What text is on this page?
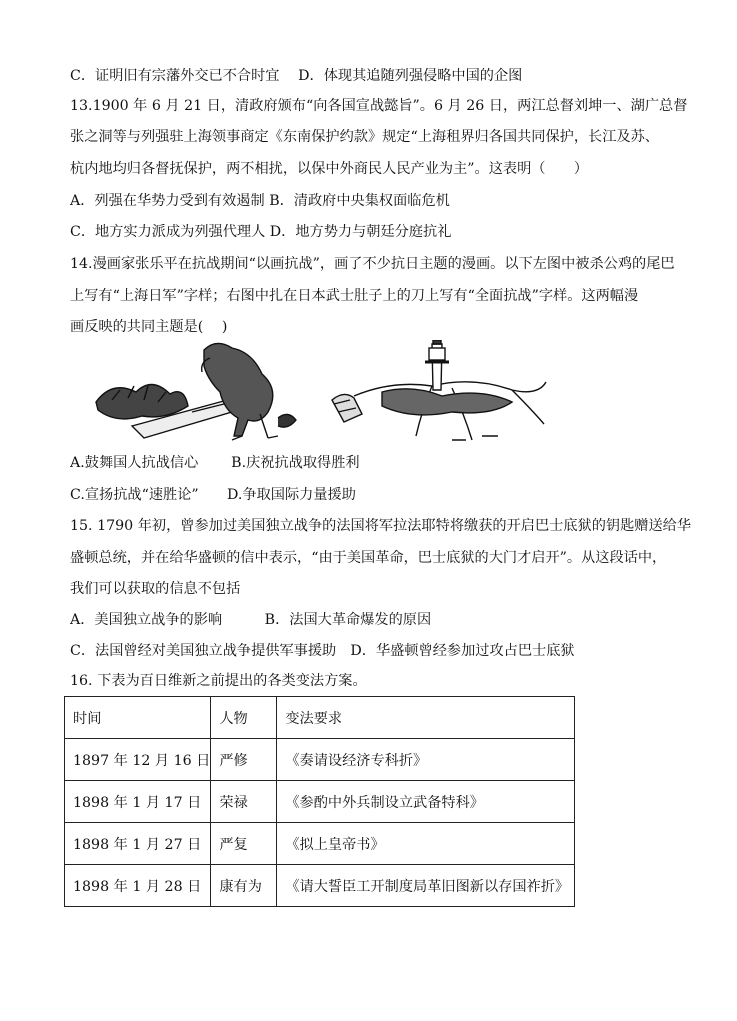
C．证明旧有宗藩外交已不合时宜　 D．体现其追随列强侵略中国的企图
13.1900 年 6 月 21 日，清政府颁布“向各国宣战懿旨”。6 月 26 日，两江总督刘坤一、湖广总督
张之洞等与列强驻上海领事商定《东南保护约款》规定“上海租界归各国共同保护，长江及苏、
杭内地均归各督抚保护，两不相扰，以保中外商民人民产业为主”。这表明（　　）
A．列强在华势力受到有效遏制 B．清政府中央集权面临危机
C．地方实力派成为列强代理人 D．地方势力与朝廷分庭抗礼
14.漫画家张乐平在抗战期间“以画抗战”，画了不少抗日主题的漫画。以下左图中被杀公鸡的尾巴
上写有“上海日军”字样；右图中扎在日本武士肚子上的刀上写有“全面抗战”字样。这两幅漫
画反映的共同主题是(　 )
A.鼓舞国人抗战信心　　 B.庆祝抗战取得胜利
C.宣扬抗战“速胜论”　　D.争取国际力量援助
15. 1790 年初，曾参加过美国独立战争的法国将军拉法耶特将缴获的开启巴士底狱的钥匙赠送给华
盛顿总统，并在给华盛顿的信中表示，“由于美国革命，巴士底狱的大门才启开”。从这段话中，
我们可以获取的信息不包括
A．美国独立战争的影响　　　B．法国大革命爆发的原因
C．法国曾经对美国独立战争提供军事援助　D．华盛顿曾经参加过攻占巴士底狱
16. 下表为百日维新之前提出的各类变法方案。
时间	人物	变法要求
1897 年 12 月 16 日	严修	《奏请设经济专科折》
1898 年 1 月 17 日	荣禄	《参酌中外兵制设立武备特科》
1898 年 1 月 27 日	严复	《拟上皇帝书》
1898 年 1 月 28 日	康有为	《请大誓臣工开制度局革旧图新以存国祚折》
